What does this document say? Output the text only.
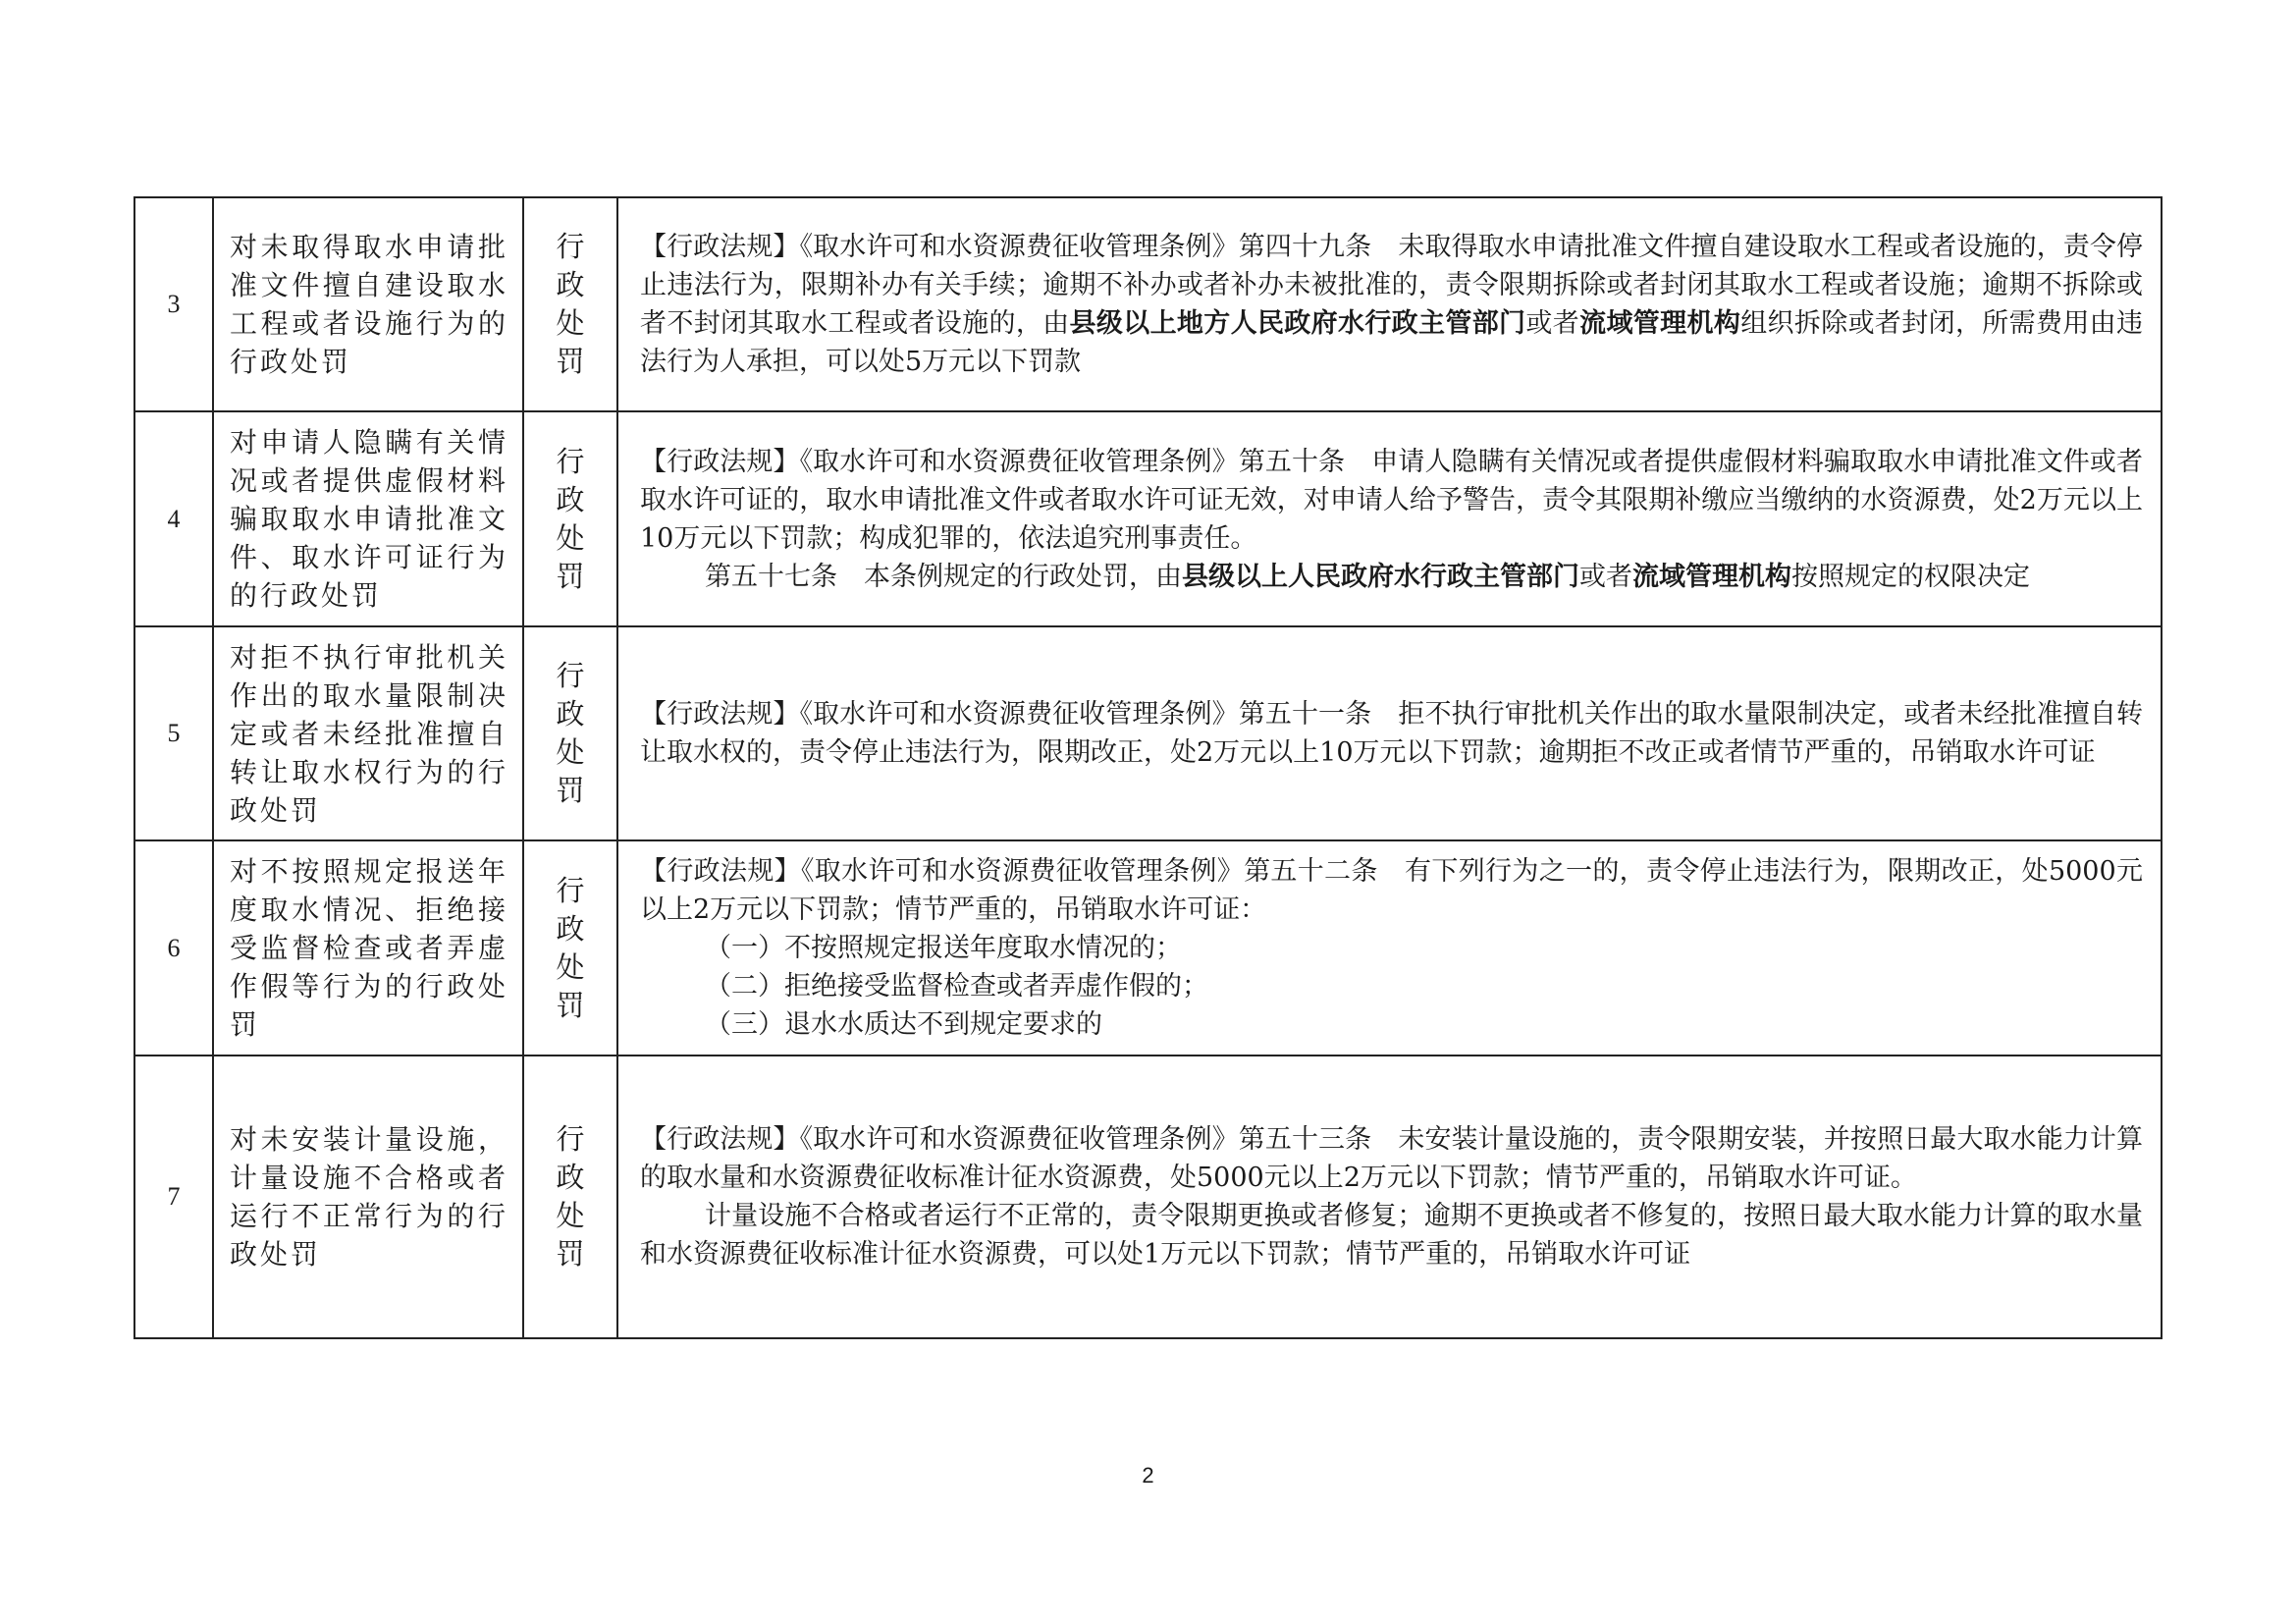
3	对未取得取水申请批准文件擅自建设取水工程或者设施行为的行政处罚	行政处罚	【行政法规】《取水许可和水资源费征收管理条例》第四十九条　未取得取水申请批准文件擅自建设取水工程或者设施的，责令停止违法行为，限期补办有关手续；逾期不补办或者补办未被批准的，责令限期拆除或者封闭其取水工程或者设施；逾期不拆除或者不封闭其取水工程或者设施的，由县级以上地方人民政府水行政主管部门或者流域管理机构组织拆除或者封闭，所需费用由违法行为人承担，可以处5万元以下罚款

4	对申请人隐瞒有关情况或者提供虚假材料骗取取水申请批准文件、取水许可证行为的行政处罚	行政处罚	【行政法规】《取水许可和水资源费征收管理条例》第五十条　申请人隐瞒有关情况或者提供虚假材料骗取取水申请批准文件或者取水许可证的，取水申请批准文件或者取水许可证无效，对申请人给予警告，责令其限期补缴应当缴纳的水资源费，处2万元以上10万元以下罚款；构成犯罪的，依法追究刑事责任。

第五十七条　本条例规定的行政处罚，由县级以上人民政府水行政主管部门或者流域管理机构按照规定的权限决定

5	对拒不执行审批机关作出的取水量限制决定或者未经批准擅自转让取水权行为的行政处罚	行政处罚	【行政法规】《取水许可和水资源费征收管理条例》第五十一条　拒不执行审批机关作出的取水量限制决定，或者未经批准擅自转让取水权的，责令停止违法行为，限期改正，处2万元以上10万元以下罚款；逾期拒不改正或者情节严重的，吊销取水许可证

6	对不按照规定报送年度取水情况、拒绝接受监督检查或者弄虚作假等行为的行政处罚	行政处罚	【行政法规】《取水许可和水资源费征收管理条例》第五十二条　有下列行为之一的，责令停止违法行为，限期改正，处5000元以上2万元以下罚款；情节严重的，吊销取水许可证：

（一）不按照规定报送年度取水情况的；

（二）拒绝接受监督检查或者弄虚作假的；

（三）退水水质达不到规定要求的

7	对未安装计量设施，计量设施不合格或者运行不正常行为的行政处罚	行政处罚	【行政法规】《取水许可和水资源费征收管理条例》第五十三条　未安装计量设施的，责令限期安装，并按照日最大取水能力计算的取水量和水资源费征收标准计征水资源费，处5000元以上2万元以下罚款；情节严重的，吊销取水许可证。

计量设施不合格或者运行不正常的，责令限期更换或者修复；逾期不更换或者不修复的，按照日最大取水能力计算的取水量和水资源费征收标准计征水资源费，可以处1万元以下罚款；情节严重的，吊销取水许可证

2
